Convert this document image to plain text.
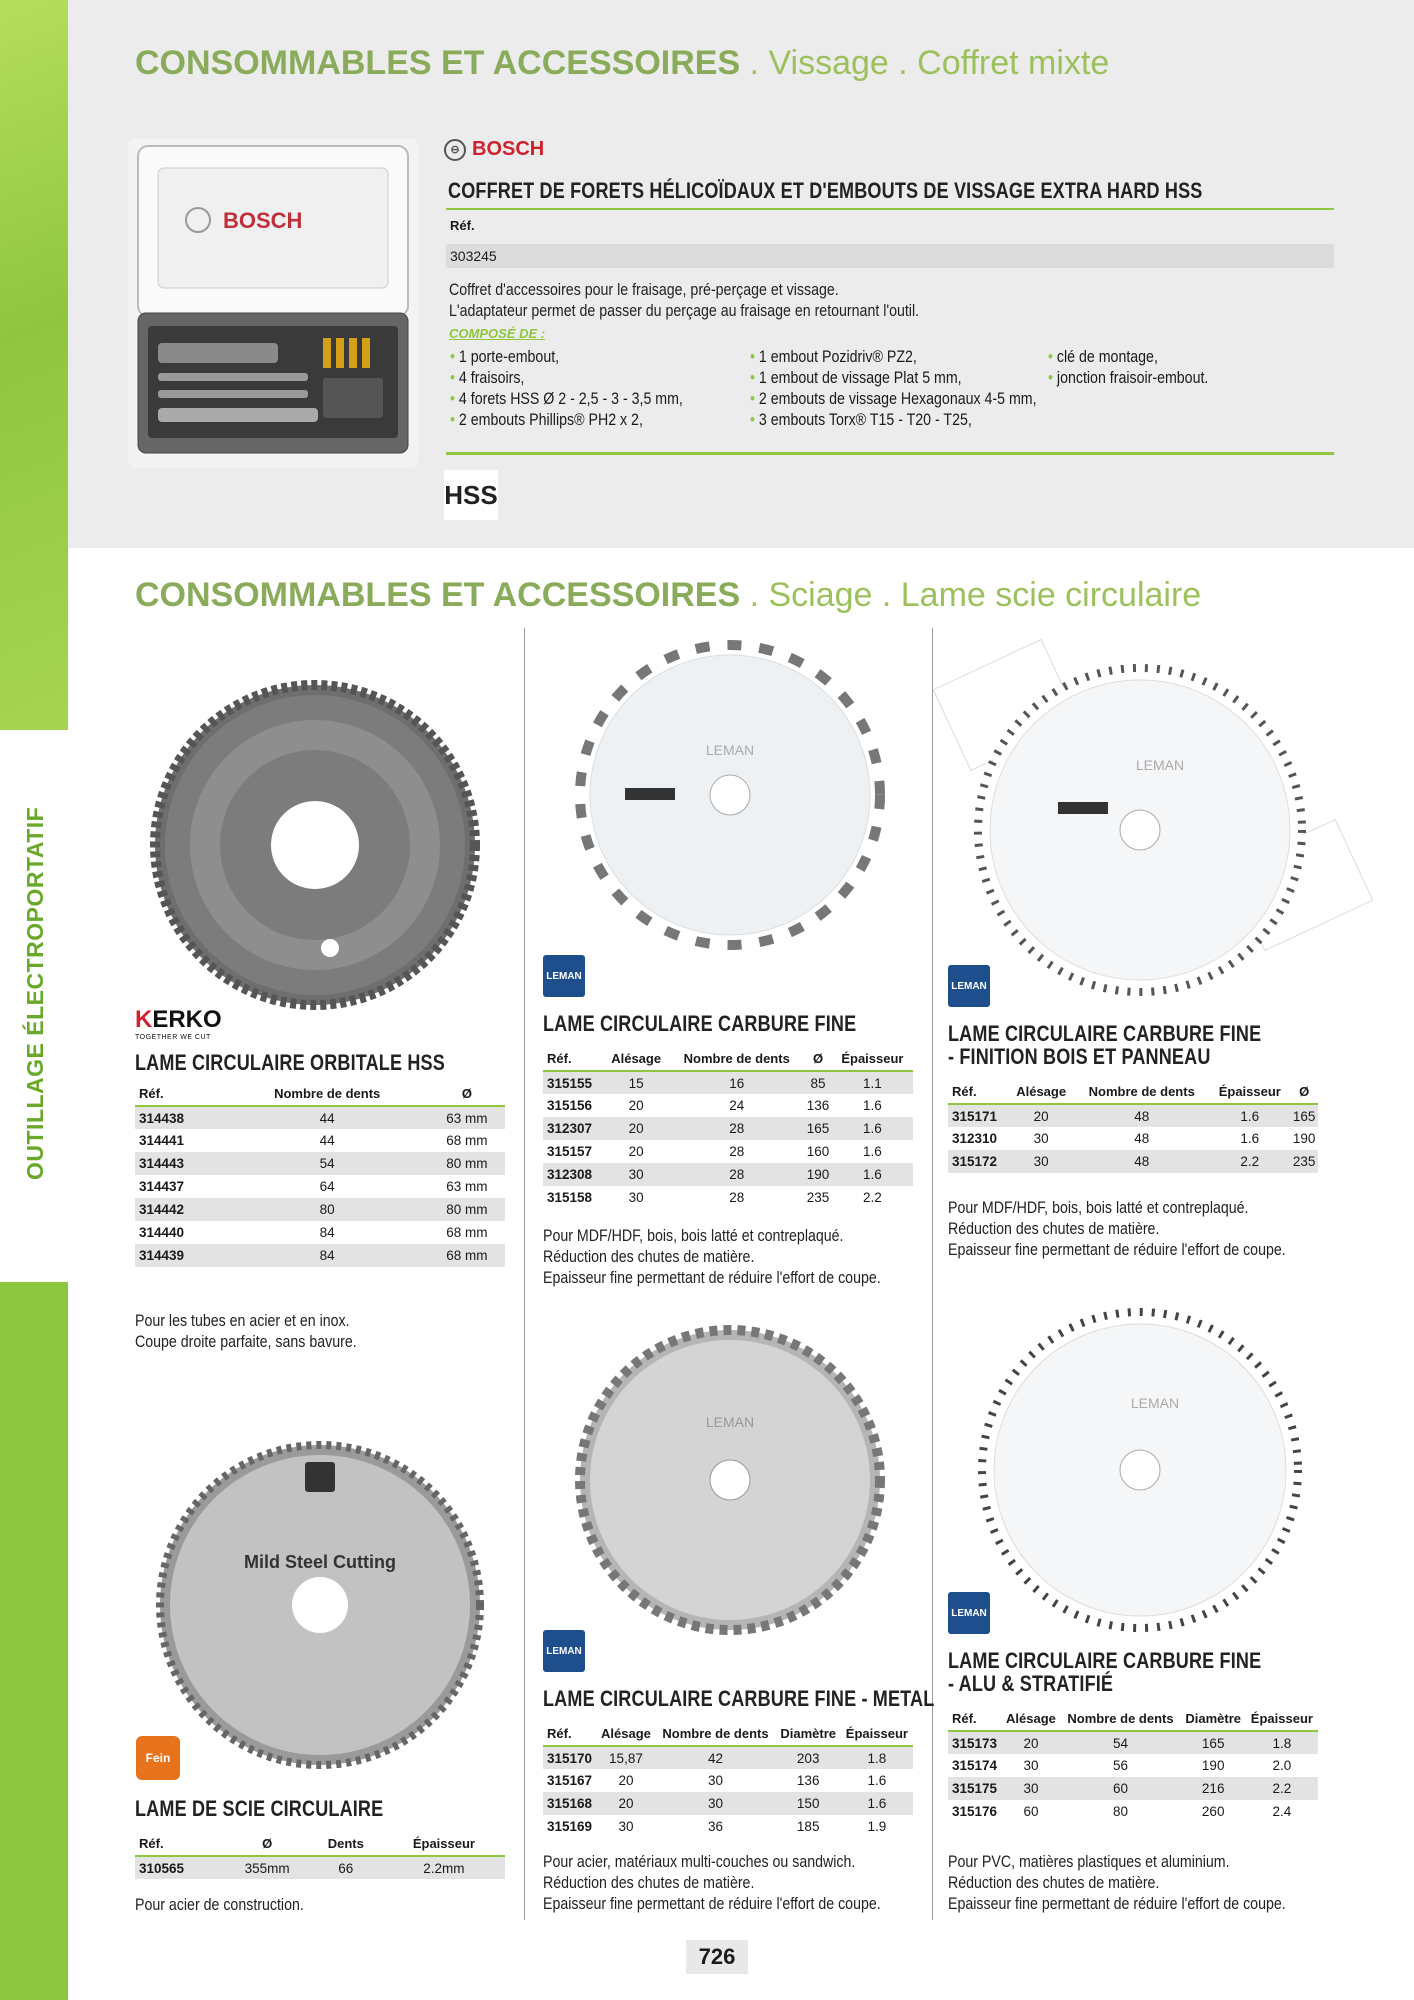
OUTILLAGE ÉLECTROPORTATIF
CONSOMMABLES ET ACCESSOIRES . Vissage . Coffret mixte
BOSCH
⊖ BOSCH
COFFRET DE FORETS HÉLICOÏDAUX ET D'EMBOUTS DE VISSAGE EXTRA HARD HSS
Réf.
303245
Coffret d'accessoires pour le fraisage, pré-perçage et vissage.
L'adaptateur permet de passer du perçage au fraisage en retournant l'outil.
COMPOSÉ DE :
• 1 porte-embout,
• 4 fraisoirs,
• 4 forets HSS Ø 2 - 2,5 - 3 - 3,5 mm,
• 2 embouts Phillips® PH2 x 2,
• 1 embout Pozidriv® PZ2,
• 1 embout de vissage Plat 5 mm,
• 2 embouts de vissage Hexagonaux 4-5 mm,
• 3 embouts Torx® T15 - T20 - T25,
• clé de montage,
• jonction fraisoir-embout.
HSS
CONSOMMABLES ET ACCESSOIRES . Sciage . Lame scie circulaire
KERKO
TOGETHER WE CUT
LAME CIRCULAIRE ORBITALE HSS
Réf.	Nombre de dents	Ø
314438	44	63 mm
314441	44	68 mm
314443	54	80 mm
314437	64	63 mm
314442	80	80 mm
314440	84	68 mm
314439	84	68 mm
Pour les tubes en acier et en inox.
Coupe droite parfaite, sans bavure.
Mild Steel Cutting
Fein
LAME DE SCIE CIRCULAIRE
Réf.	Ø	Dents	Épaisseur
310565	355mm	66	2.2mm
Pour acier de construction.
LEMAN
LEMAN
LAME CIRCULAIRE CARBURE FINE
Réf.	Alésage	Nombre de dents	Ø	Épaisseur
315155	15	16	85	1.1
315156	20	24	136	1.6
312307	20	28	165	1.6
315157	20	28	160	1.6
312308	30	28	190	1.6
315158	30	28	235	2.2
Pour MDF/HDF, bois, bois latté et contreplaqué.
Réduction des chutes de matière.
Epaisseur fine permettant de réduire l'effort de coupe.
LEMAN
LEMAN
LAME CIRCULAIRE CARBURE FINE - METAL
Réf.	Alésage	Nombre de dents	Diamètre	Épaisseur
315170	15,87	42	203	1.8
315167	20	30	136	1.6
315168	20	30	150	1.6
315169	30	36	185	1.9
Pour acier, matériaux multi-couches ou sandwich.
Réduction des chutes de matière.
Epaisseur fine permettant de réduire l'effort de coupe.
LEMAN
LEMAN
LAME CIRCULAIRE CARBURE FINE
- FINITION BOIS ET PANNEAU
Réf.	Alésage	Nombre de dents	Épaisseur	Ø
315171	20	48	1.6	165
312310	30	48	1.6	190
315172	30	48	2.2	235
Pour MDF/HDF, bois, bois latté et contreplaqué.
Réduction des chutes de matière.
Epaisseur fine permettant de réduire l'effort de coupe.
LEMAN
LEMAN
LAME CIRCULAIRE CARBURE FINE
- ALU & STRATIFIÉ
Réf.	Alésage	Nombre de dents	Diamètre	Épaisseur
315173	20	54	165	1.8
315174	30	56	190	2.0
315175	30	60	216	2.2
315176	60	80	260	2.4
Pour PVC, matières plastiques et aluminium.
Réduction des chutes de matière.
Epaisseur fine permettant de réduire l'effort de coupe.
726
